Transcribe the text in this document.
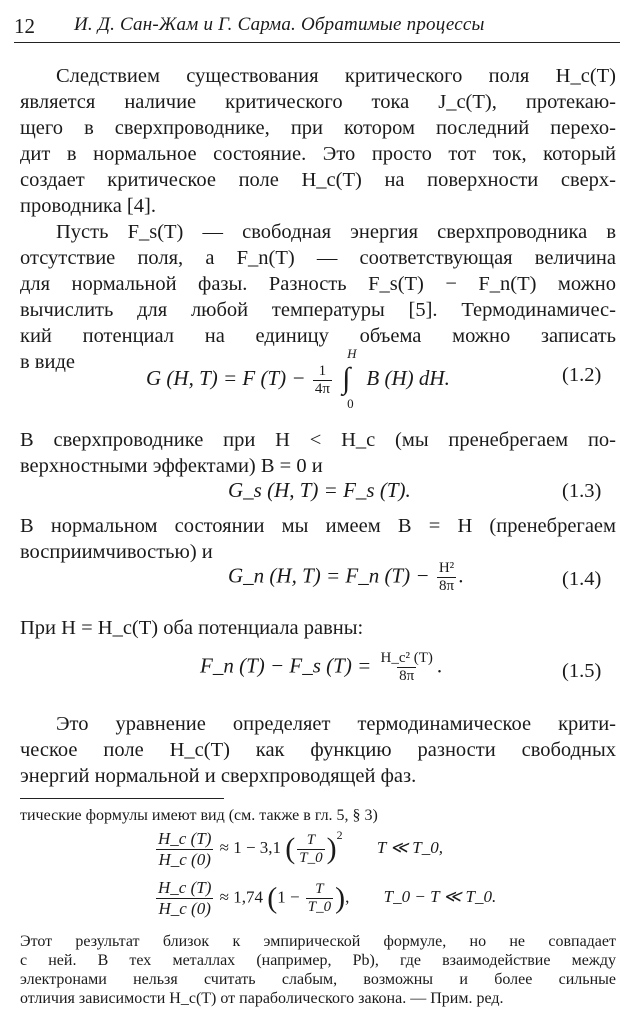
12 И. Д. Сан-Жам и Г. Сарма. Обратимые процессы
Следствием существования критического поля H_c(T)
является наличие критического тока J_c(T), протекаю-
щего в сверхпроводнике, при котором последний перехо-
дит в нормальное состояние. Это просто тот ток, который
создает критическое поле H_c(T) на поверхности сверх-
проводника [4].
Пусть F_s(T) — свободная энергия сверхпроводника в
отсутствие поля, а F_n(T) — соответствующая величина
для нормальной фазы. Разность F_s(T) − F_n(T) можно
вычислить для любой температуры [5]. Термодинамичес-
кий потенциал на единицу объема можно записать
в виде
G (H, T) = F $(T) - \frac{1}{4\pi}$
∫
H
0
B (H) dH.	(1.2)
В сверхпроводнике при H < H_c (мы пренебрегаем по-
верхностными эффектами) B = 0 и
G_s (H, T) = F_s (T).	(1.3)
В нормальном состоянии мы имеем B = H (пренебрегаем
восприимчивостью) и
G_n (H, T) = F_n $(T) - \frac{\text{H²}}{8\pi}$ .	(1.4)
При H = H_c(T) оба потенциала равны:
F_n (T) − F_s $(T) = \frac{\text{H\_c² (T)}}{8\pi}$ .	(1.5)
Это уравнение определяет термодинамическое крити-
ческое поле H_c(T) как функцию разности свободных
энергий нормальной и сверхпроводящей фаз.
тические формулы имеют вид (см. также в гл. 5, § 3)
$\frac{H\_c (T)}{H\_c (0)} \approx 1 - 3,1$ ( $\frac{T}{T\_0} )^2$ T ≪ T_0,
$\frac{H\_c (T)}{H\_c (0)} \approx 1,74$ ($1 - \frac{T}{T\_0}$ ), T_0 − T ≪ T_0.
Этот результат близок к эмпирической формуле, но не совпадает
с ней. В тех металлах (например, Pb), где взаимодействие между
электронами нельзя считать слабым, возможны и более сильные
отличия зависимости H_c(T) от параболического закона. — Прим. ред.
